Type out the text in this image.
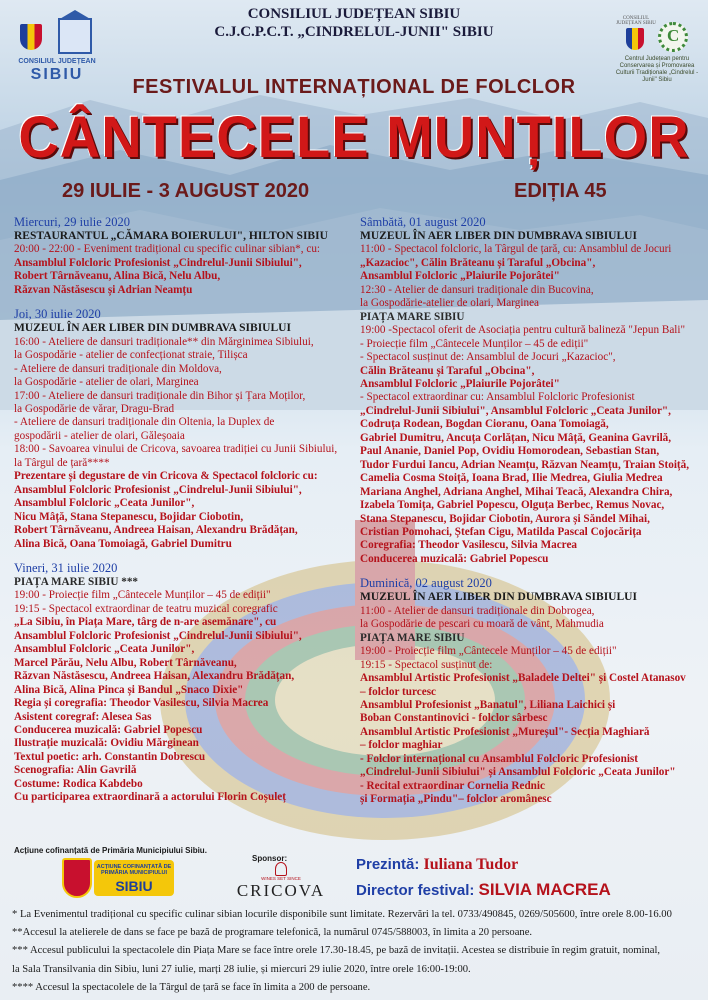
CONSILIUL JUDEȚEAN
SIBIU
CONSILIUL JUDEȚEAN SIBIU
C.J.C.P.C.T. „CINDRELUL-JUNII" SIBIU
CONSILIUL JUDEȚEAN SIBIU
C
Centrul Județean pentru Conservarea și Promovarea Culturii Tradiționale „Cindrelul - Junii" Sibiu
FESTIVALUL INTERNAȚIONAL DE FOLCLOR
CÂNTECELE MUNȚILOR
29 IULIE - 3 AUGUST 2020	EDIȚIA 45

Miercuri, 29 iulie 2020

RESTAURANTUL „CĂMARA BOIERULUI", HILTON SIBIU

20:00 - 22:00 - Eveniment tradițional cu specific culinar sibian*, cu:

Ansamblul Folcloric Profesionist „Cindrelul-Junii Sibiului",

Robert Târnăveanu, Alina Bică, Nelu Albu,

Răzvan Năstăsescu și Adrian Neamțu

Joi, 30 iulie 2020

MUZEUL ÎN AER LIBER DIN DUMBRAVA SIBIULUI

16:00 - Ateliere de dansuri tradiționale** din Mărginimea Sibiului,

la Gospodărie - atelier de confecționat straie, Tilișca

- Ateliere de dansuri tradiționale din Moldova,

la Gospodărie - atelier de olari, Marginea

17:00 - Ateliere de dansuri tradiționale din Bihor și Țara Moților,

la Gospodărie de vărar, Dragu-Brad

- Ateliere de dansuri tradiționale din Oltenia, la Duplex de

gospodării - atelier de olari, Găleșoaia

18:00 - Savoarea vinului de Cricova, savoarea tradiției cu Junii Sibiului,

la Târgul de țară****

Prezentare și degustare de vin Cricova & Spectacol folcloric cu:

Ansamblul Folcloric Profesionist „Cindrelul-Junii Sibiului",

Ansamblul Folcloric „Ceata Junilor",

Nicu Mâță, Stana Stepanescu, Bojidar Ciobotin,

Robert Târnăveanu, Andreea Haisan, Alexandru Brădățan,

Alina Bică, Oana Tomoiagă, Gabriel Dumitru

Vineri, 31 iulie 2020

PIAȚA MARE SIBIU ***

19:00 - Proiecție film „Cântecele Munților – 45 de ediții"

19:15 - Spectacol extraordinar de teatru muzical coregrafic

„La Sibiu, în Piața Mare, târg de n-are asemănare", cu

Ansamblul Folcloric Profesionist „Cindrelul-Junii Sibiului",

Ansamblul Folcloric „Ceata Junilor",

Marcel Părău, Nelu Albu, Robert Târnăveanu,

Răzvan Năstăsescu, Andreea Haisan, Alexandru Brădățan,

Alina Bică, Alina Pinca și Bandul „Snaco Dixie"

Regia și coregrafia: Theodor Vasilescu, Silvia Macrea

Asistent coregraf: Alesea Sas

Conducerea muzicală: Gabriel Popescu

Ilustrație muzicală: Ovidiu Mărginean

Textul poetic: arh. Constantin Dobrescu

Scenografia: Alin Gavrilă

Costume: Rodica Kabdebo

Cu participarea extraordinară a actorului Florin Coșuleț

Sâmbătă, 01 august 2020

MUZEUL ÎN AER LIBER DIN DUMBRAVA SIBIULUI

11:00 - Spectacol folcloric, la Târgul de țară, cu: Ansamblul de Jocuri

„Kazacioc", Călin Brăteanu și Taraful „Obcina",

Ansamblul Folcloric „Plaiurile Pojorâtei"

12:30 - Atelier de dansuri tradiționale din Bucovina,

la Gospodărie-atelier de olari, Marginea

PIAȚA MARE SIBIU

19:00 -Spectacol oferit de Asociația pentru cultură balineză "Jepun Bali"

- Proiecție film „Cântecele Munților – 45 de ediții"

- Spectacol susținut de: Ansamblul de Jocuri „Kazacioc",

Călin Brăteanu și Taraful „Obcina",

Ansamblul Folcloric „Plaiurile Pojorâtei"

- Spectacol extraordinar cu: Ansamblul Folcloric Profesionist

„Cindrelul-Junii Sibiului", Ansamblul Folcloric „Ceata Junilor",

Codruța Rodean, Bogdan Cioranu, Oana Tomoiagă,

Gabriel Dumitru, Ancuța Corlățan, Nicu Mâță, Geanina Gavrilă,

Paul Ananie, Daniel Pop, Ovidiu Homorodean, Sebastian Stan,

Tudor Furdui Iancu, Adrian Neamțu, Răzvan Neamțu, Traian Stoiță,

Camelia Cosma Stoiță, Ioana Brad, Ilie Medrea, Giulia Medrea

Mariana Anghel, Adriana Anghel, Mihai Teacă, Alexandra Chira,

Izabela Tomița, Gabriel Popescu, Olguța Berbec, Remus Novac,

Stana Stepanescu, Bojidar Ciobotin, Aurora și Săndel Mihai,

Cristian Pomohaci, Ștefan Cigu, Matilda Pascal Cojocărița

Coregrafia: Theodor Vasilescu, Silvia Macrea

Conducerea muzicală: Gabriel Popescu

Duminică, 02 august 2020

MUZEUL ÎN AER LIBER DIN DUMBRAVA SIBIULUI

11:00 - Atelier de dansuri tradiționale din Dobrogea,

la Gospodărie de pescari cu moară de vânt, Mahmudia

PIAȚA MARE SIBIU

19:00 - Proiecție film „Cântecele Munților – 45 de ediții"

19:15 - Spectacol susținut de:

Ansamblul Artistic Profesionist „Baladele Deltei" și Costel Atanasov

– folclor turcesc

Ansamblul Profesionist „Banatul", Liliana Laichici și

Boban Constantinovici - folclor sârbesc

Ansamblul Artistic Profesionist „Mureșul"- Secția Maghiară

– folclor maghiar

- Folclor internațional cu Ansamblul Folcloric Profesionist

„Cindrelul-Junii Sibiului" și Ansamblul Folcloric „Ceata Junilor"

- Recital extraordinar Cornelia Rednic

și Formația „Pindu"– folclor aromânesc

Acțiune cofinanțată de Primăria Municipiului Sibiu.
ACȚIUNE COFINANȚATĂ DE PRIMĂRIA MUNICIPIULUI
SIBIU
Sponsor:
WINES SET SINCE
CRICOVA
Prezintă: Iuliana Tudor
Director festival: SILVIA MACREA

* La Evenimentul tradițional cu specific culinar sibian locurile disponibile sunt limitate. Rezervări la tel. 0733/490845, 0269/505600, între orele 8.00-16.00

**Accesul la atelierele de dans se face pe bază de programare telefonică, la numărul 0745/588003, în limita a 20 persoane.

*** Accesul publicului la spectacolele din Piața Mare se face între orele 17.30-18.45, pe bază de invitații. Acestea se distribuie în regim gratuit, nominal,

la Sala Transilvania din Sibiu, luni 27 iulie, marți 28 iulie, și miercuri 29 iulie 2020, între orele 16:00-19:00.

**** Accesul la spectacolele de la Târgul de țară se face în limita a 200 de persoane.
